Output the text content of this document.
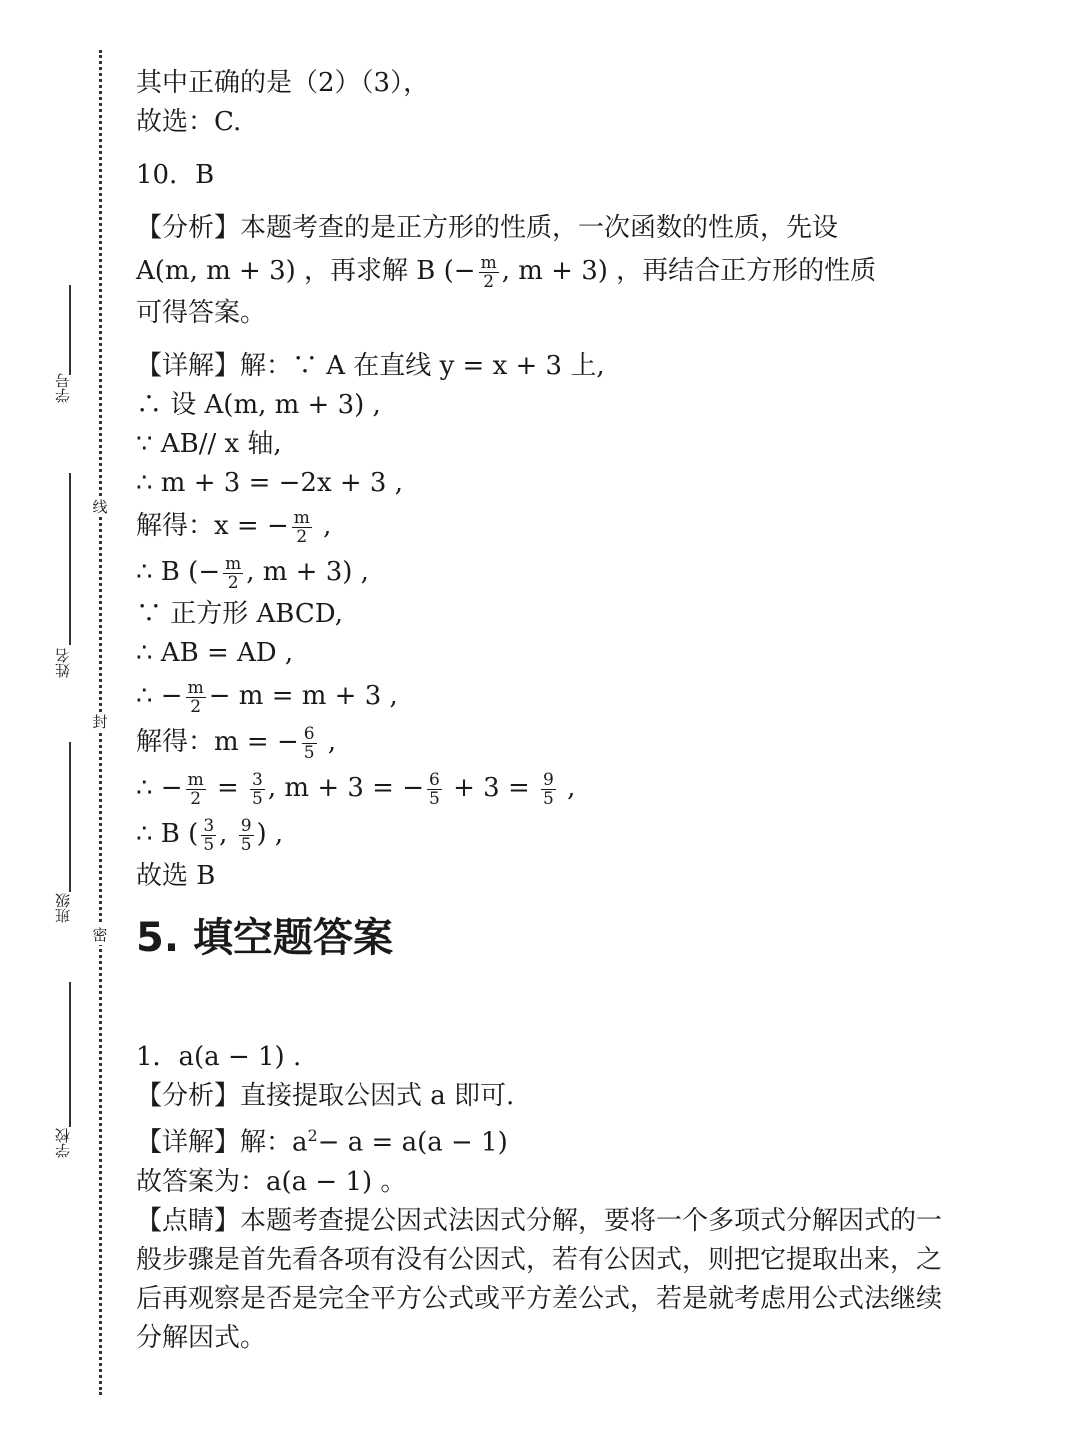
线
封
密
学号
姓名
班级
学校
其中正确的是（2）（3），
故选：C.
10．B
【分析】本题考查的是正方形的性质，一次函数的性质，先设
A(m, m + 3) ，再求解 B (− $\frac{m}{2}$ , m + 3) ，再结合正方形的性质
可得答案。
【详解】解：∵ A 在直线 y = x + 3 上,
∴ 设 A(m, m + 3) ,
∵ AB// x 轴,
∴ m + 3 = −2x + 3 ,
解得：x = − $\frac{m}{2}$ ,
∴ B (− $\frac{m}{2}$ , m + 3) ,
∵ 正方形 ABCD,
∴ AB = AD ,
∴ − $\frac{m}{2} - m = m + 3$ ,
解得：m = − $\frac{6}{5}$ ,
∴ − $\frac{m}{2} = \frac{3}{5}$ , m + 3 = − $\frac{6}{5} + 3 = \frac{9}{5}$ ,
∴ B ( $\frac{3}{5}$ , $\frac{9}{5}$ ) ,
故选 B
5. 填空题答案
1．a(a − 1) .
【分析】直接提取公因式 a 即可.
【详解】解：$a^2- a = a(a - 1)$
故答案为：a(a − 1) 。
【点睛】本题考查提公因式法因式分解，要将一个多项式分解因式的一般步骤是首先看各项有没有公因式，若有公因式，则把它提取出来，之后再观察是否是完全平方公式或平方差公式，若是就考虑用公式法继续分解因式。
